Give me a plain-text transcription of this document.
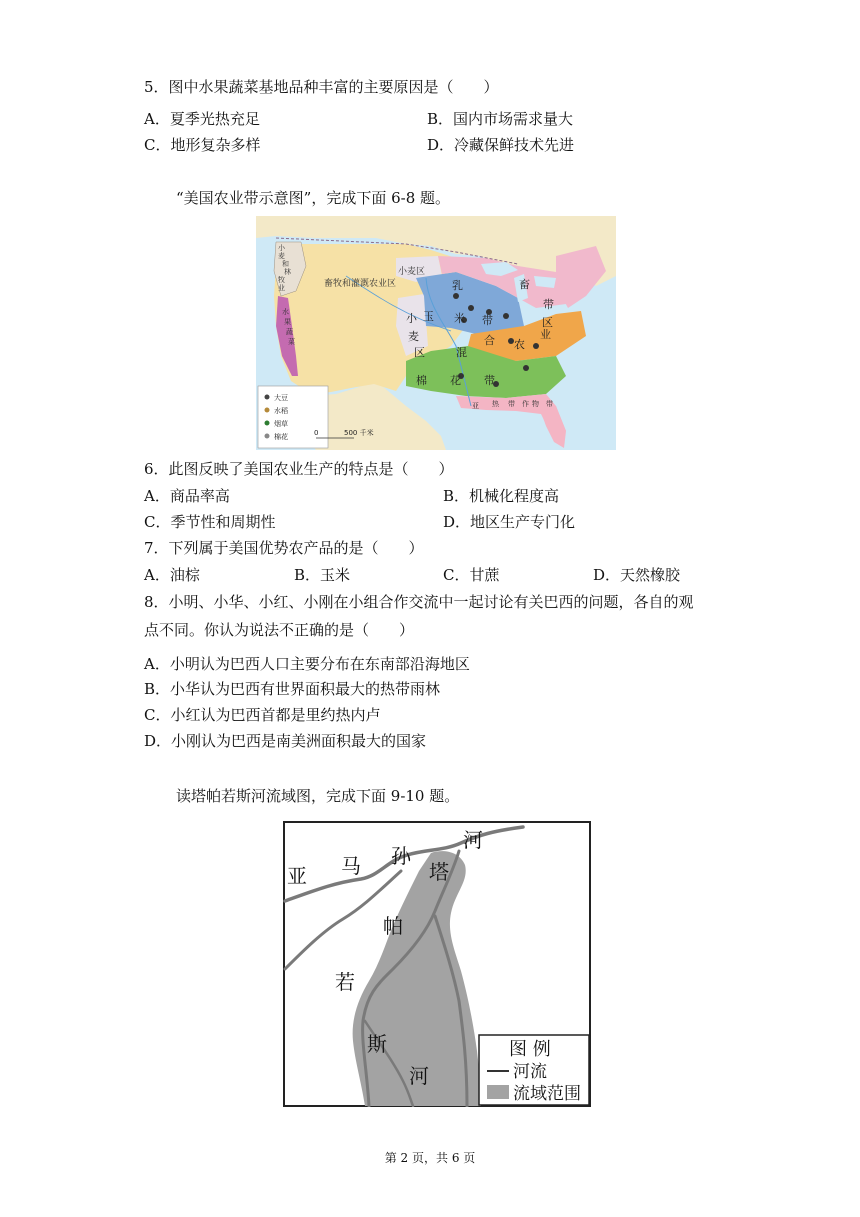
5．图中水果蔬菜基地品种丰富的主要原因是（　　）
A．夏季光热充足	B．国内市场需求量大
C．地形复杂多样	D．冷藏保鲜技术先进
“美国农业带示意图”，完成下面 6-8 题。
畜牧和灌溉农业区
小麦区
小
麦
区
乳	畜
带
玉 米 带
混
合 农
业
区
棉 花 带
亚 热 带 作 物 带
小
麦
和
林
牧
业
水
果
蔬
菜
大豆
水稻
烟草
棉花	0	500 千米
6．此图反映了美国农业生产的特点是（　　）
A．商品率高	B．机械化程度高
C．季节性和周期性	D．地区生产专门化
7．下列属于美国优势农产品的是（　　）
A．油棕	B．玉米	C．甘蔗	D．天然橡胶
8．小明、小华、小红、小刚在小组合作交流中一起讨论有关巴西的问题，各自的观
点不同。你认为说法不正确的是（　　）
A．小明认为巴西人口主要分布在东南部沿海地区
B．小华认为巴西有世界面积最大的热带雨林
C．小红认为巴西首都是里约热内卢
D．小刚认为巴西是南美洲面积最大的国家
读塔帕若斯河流域图，完成下面 9-10 题。
亚 马 孙
河
塔
帕
若
斯
河
图 例
河流
流域范围
第 2 页，共 6 页
